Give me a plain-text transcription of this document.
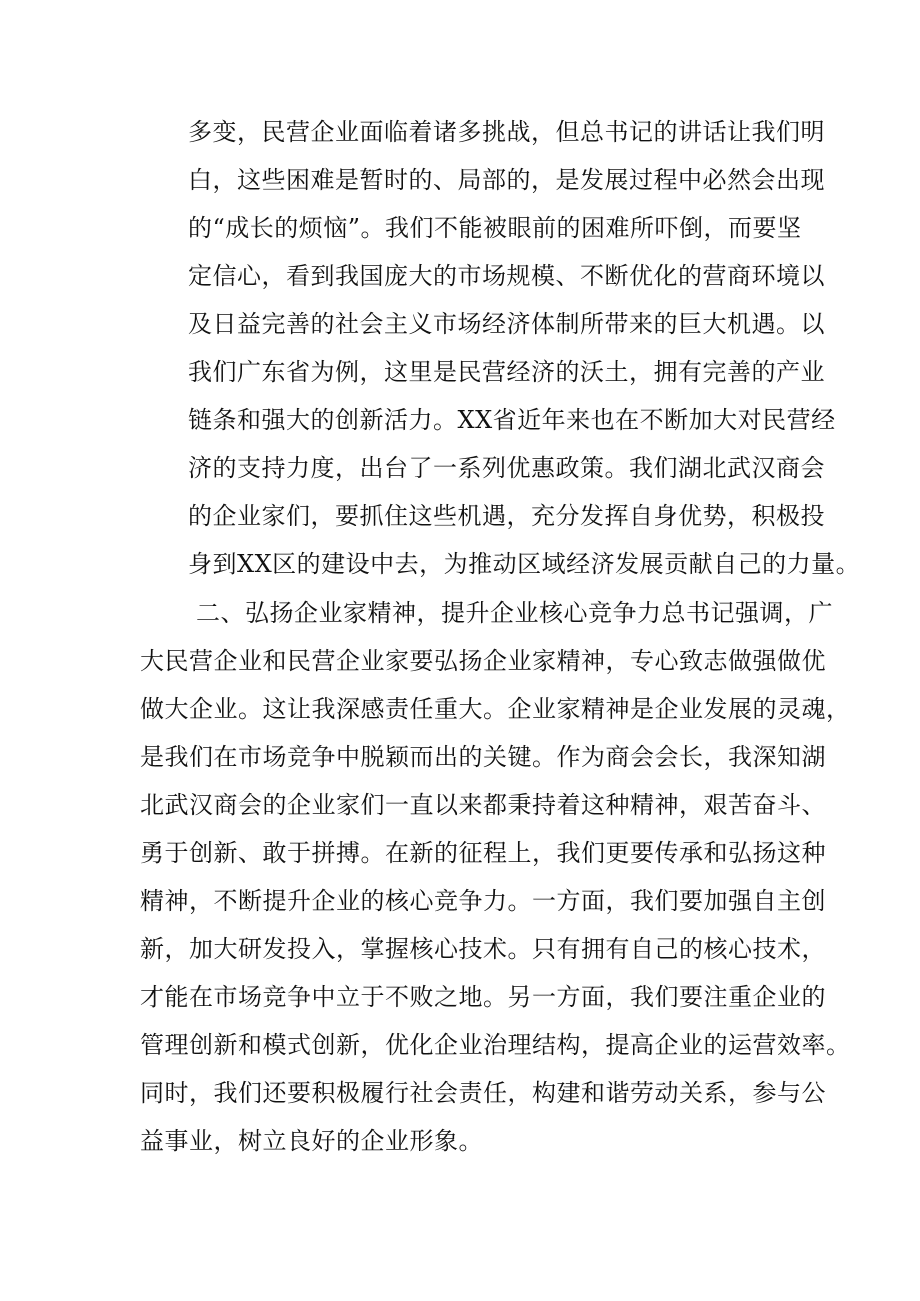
多变，民营企业面临着诸多挑战，但总书记的讲话让我们明
白，这些困难是暂时的、局部的，是发展过程中必然会出现
的“成长的烦恼”。我们不能被眼前的困难所吓倒，而要坚
定信心，看到我国庞大的市场规模、不断优化的营商环境以
及日益完善的社会主义市场经济体制所带来的巨大机遇。以
我们广东省为例，这里是民营经济的沃土，拥有完善的产业
链条和强大的创新活力。XX省近年来也在不断加大对民营经
济的支持力度，出台了一系列优惠政策。我们湖北武汉商会
的企业家们，要抓住这些机遇，充分发挥自身优势，积极投
身到XX区的建设中去，为推动区域经济发展贡献自己的力量。
二、弘扬企业家精神，提升企业核心竞争力总书记强调，广
大民营企业和民营企业家要弘扬企业家精神，专心致志做强做优
做大企业。这让我深感责任重大。企业家精神是企业发展的灵魂，
是我们在市场竞争中脱颖而出的关键。作为商会会长，我深知湖
北武汉商会的企业家们一直以来都秉持着这种精神，艰苦奋斗、
勇于创新、敢于拼搏。在新的征程上，我们更要传承和弘扬这种
精神，不断提升企业的核心竞争力。一方面，我们要加强自主创
新，加大研发投入，掌握核心技术。只有拥有自己的核心技术，
才能在市场竞争中立于不败之地。另一方面，我们要注重企业的
管理创新和模式创新，优化企业治理结构，提高企业的运营效率。
同时，我们还要积极履行社会责任，构建和谐劳动关系，参与公
益事业，树立良好的企业形象。
